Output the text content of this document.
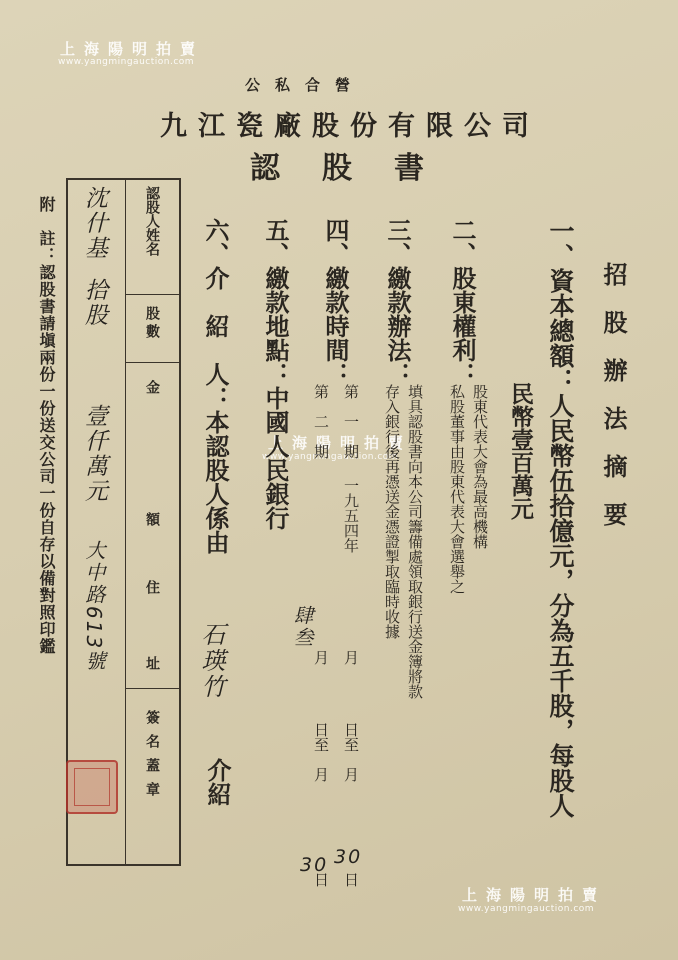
上海陽明拍賣
www.yangmingauction.com
上海陽明拍賣
www.yangmingauction.com
上海陽明拍賣
www.yangmingauction.com
公　私　合　營
九江瓷廠股份有限公司
認　股　書
招　股　辦　法　摘　要
一、資本總額：人民幣伍拾億元，分為五千股，每股人
民幣壹百萬元
二、股東權利：
股東代表大會為最高機構
私股董事由股東代表大會選舉之
三、繳款辦法：
填具認股書向本公司籌備處領取銀行送金簿將款
存入銀行後再憑送金憑證掣取臨時收據
四、繳款時間：
第　一　期
一九五四年
月
日至　月
日
第　二　期
月
日至　月
日
肆叁
30
30
五、繳款地點：中國人民銀行
六、介　紹　人：本認股人係由
石瑛竹
介紹
認股人姓名
股數
金
額
住
址
簽名蓋章
沈什基
拾股
壹仟萬元
大中路613號
附　註：認股書請塡兩份一份送交公司一份自存以備對照印鑑
